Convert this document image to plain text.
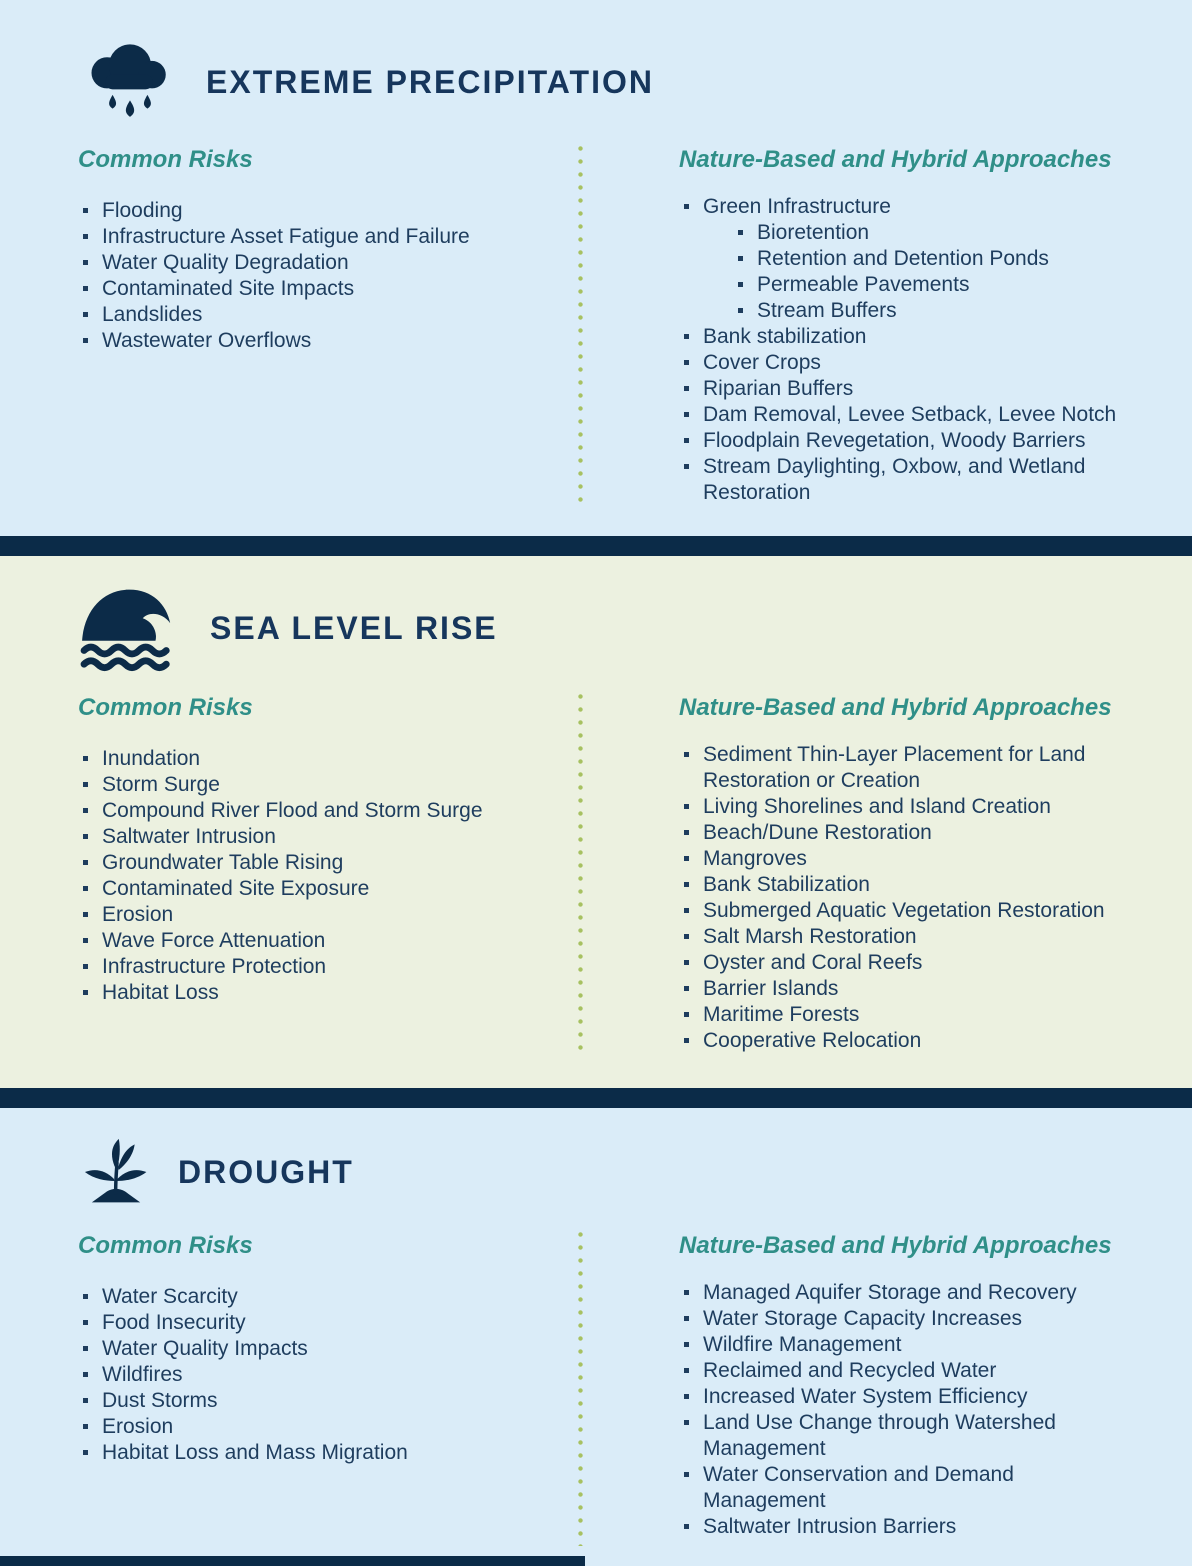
EXTREME PRECIPITATION
Common Risks
Flooding
Infrastructure Asset Fatigue and Failure
Water Quality Degradation
Contaminated Site Impacts
Landslides
Wastewater Overflows
Nature-Based and Hybrid Approaches
Green Infrastructure
Bioretention
Retention and Detention Ponds
Permeable Pavements
Stream Buffers
Bank stabilization
Cover Crops
Riparian Buffers
Dam Removal, Levee Setback, Levee Notch
Floodplain Revegetation, Woody Barriers
Stream Daylighting, Oxbow, and Wetland Restoration
SEA LEVEL RISE
Common Risks
Inundation
Storm Surge
Compound River Flood and Storm Surge
Saltwater Intrusion
Groundwater Table Rising
Contaminated Site Exposure
Erosion
Wave Force Attenuation
Infrastructure Protection
Habitat Loss
Nature-Based and Hybrid Approaches
Sediment Thin-Layer Placement for Land Restoration or Creation
Living Shorelines and Island Creation
Beach/Dune Restoration
Mangroves
Bank Stabilization
Submerged Aquatic Vegetation Restoration
Salt Marsh Restoration
Oyster and Coral Reefs
Barrier Islands
Maritime Forests
Cooperative Relocation
DROUGHT
Common Risks
Water Scarcity
Food Insecurity
Water Quality Impacts
Wildfires
Dust Storms
Erosion
Habitat Loss and Mass Migration
Nature-Based and Hybrid Approaches
Managed Aquifer Storage and Recovery
Water Storage Capacity Increases
Wildfire Management
Reclaimed and Recycled Water
Increased Water System Efficiency
Land Use Change through Watershed Management
Water Conservation and Demand Management
Saltwater Intrusion Barriers
